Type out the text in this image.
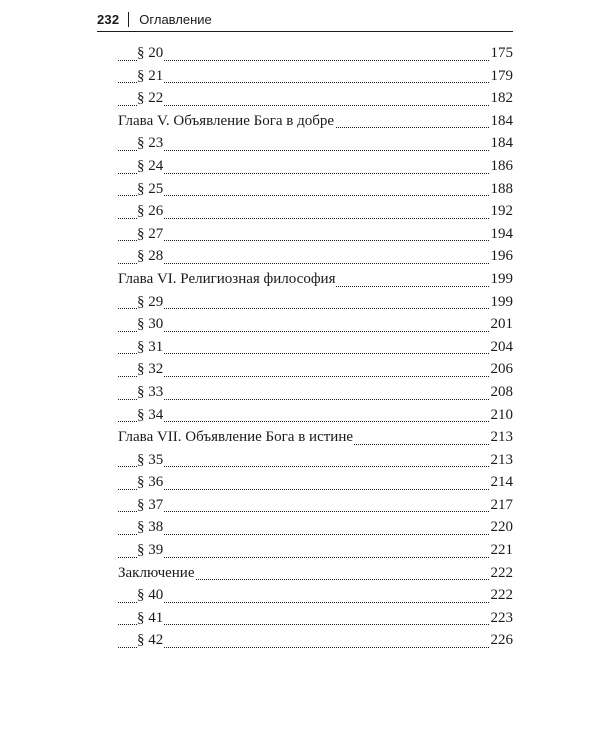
232 Оглавление
§ 20	175
§ 21	179
§ 22	182
Глава V. Объявление Бога в добре	184
§ 23	184
§ 24	186
§ 25	188
§ 26	192
§ 27	194
§ 28	196
Глава VI. Религиозная философия	199
§ 29	199
§ 30	201
§ 31	204
§ 32	206
§ 33	208
§ 34	210
Глава VII. Объявление Бога в истине	213
§ 35	213
§ 36	214
§ 37	217
§ 38	220
§ 39	221
Заключение	222
§ 40	222
§ 41	223
§ 42	226
